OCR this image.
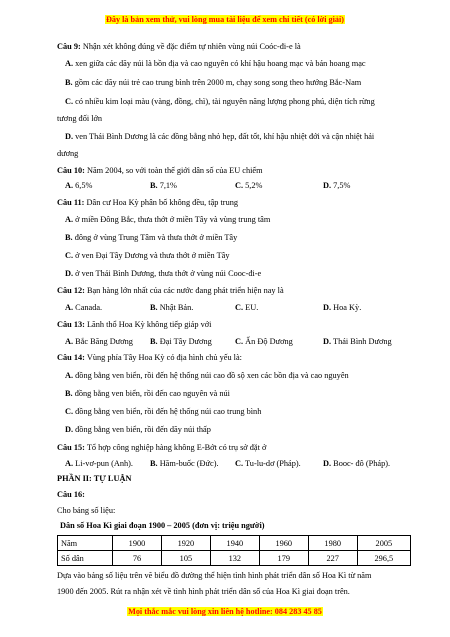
Đây là bản xem thử, vui lòng mua tài liệu để xem chi tiết (có lời giải)
Câu 9: Nhận xét không đúng về đặc điểm tự nhiên vùng núi Coóc-đi-e là
A. xen giữa các dãy núi là bồn địa và cao nguyên có khí hậu hoang mạc và bán hoang mạc
B. gồm các dãy núi trẻ cao trung bình trên 2000 m, chạy song song theo hướng Bắc-Nam
C. có nhiều kim loại màu (vàng, đồng, chì), tài nguyên năng lượng phong phú, diện tích rừng
tương đối lớn
D. ven Thái Bình Dương là các đồng bằng nhỏ hẹp, đất tốt, khí hậu nhiệt đới và cận nhiệt hải
dương
Câu 10: Năm 2004, so với toàn thế giới dân số của EU chiếm
A. 6,5%	B. 7,1%	C. 5,2%	D. 7,5%
Câu 11: Dân cư Hoa Kỳ phân bố không đều, tập trung
A. ở miền Đông Bắc, thưa thớt ở miền Tây và vùng trung tâm
B. đông ở vùng Trung Tâm và thưa thớt ở miền Tây
C. ở ven Đại Tây Dương và thưa thớt ở miền Tây
D. ở ven Thái Bình Dương, thưa thớt ở vùng núi Cooc-đi-e
Câu 12: Bạn hàng lớn nhất của các nước đang phát triển hiện nay là
A. Canada.	B. Nhật Bản.	C. EU.	D. Hoa Kỳ.
Câu 13: Lãnh thổ Hoa Kỳ không tiếp giáp với
A. Bắc Băng Dương B. Đại Tây Dương	C. Ấn Độ Dương	D. Thái Bình Dương
Câu 14: Vùng phía Tây Hoa Kỳ có địa hình chủ yếu là:
A. đồng bằng ven biển, rồi đến hệ thống núi cao đồ sộ xen các bồn địa và cao nguyên
B. đồng bằng ven biển, rồi đến cao nguyên và núi
C. đồng bằng ven biển, rồi đến hệ thống núi cao trung bình
D. đồng bằng ven biển, rồi đến dãy núi thấp
Câu 15: Tổ hợp công nghiệp hàng không E-Bớt có trụ sở đặt ở
A. Li-vơ-pun (Anh). B. Hăm-buốc (Đức). C. Tu-lu-dơ (Pháp).	D. Booc- đô (Pháp).
PHẦN II: TỰ LUẬN
Câu 16:
Cho bảng số liệu:
Dân số Hoa Kì giai đoạn 1900 – 2005 (đơn vị: triệu người)
Năm	1900	1920	1940	1960	1980	2005
Số dân	76	105	132	179	227	296,5
Dựa vào bảng số liệu trên vẽ biểu đồ đường thể hiện tình hình phát triển dân số Hoa Kì từ năm
1900 đến 2005. Rút ra nhận xét về tình hình phát triển dân số của Hoa Kì giai đoạn trên.
Mọi thắc mắc vui lòng xin liên hệ hotline: 084 283 45 85
